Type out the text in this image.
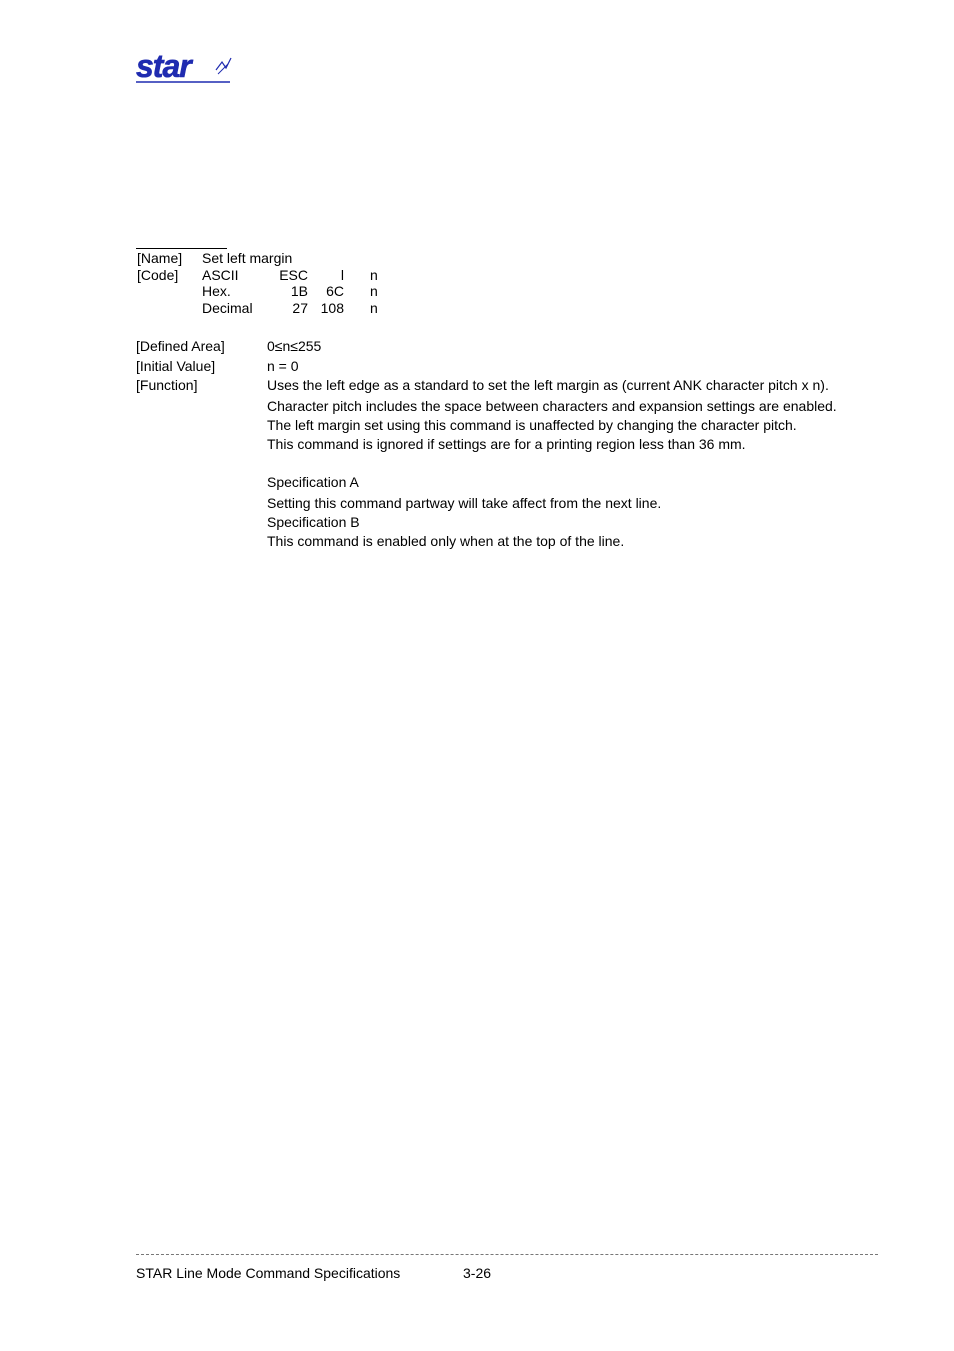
star
[Name] Set left margin
[Code] ASCII	ESC	l n
Hex.	1B	6C n
Decimal	27 108 n
[Defined Area]	0≤n≤255
[Initial Value]	n = 0
[Function]	Uses the left edge as a standard to set the left margin as (current ANK character pitch x n).
Character pitch includes the space between characters and expansion settings are enabled.
The left margin set using this command is unaffected by changing the character pitch.
This command is ignored if settings are for a printing region less than 36 mm.
Specification A
Setting this command partway will take affect from the next line.
Specification B
This command is enabled only when at the top of the line.
STAR Line Mode Command Specifications	3-26
